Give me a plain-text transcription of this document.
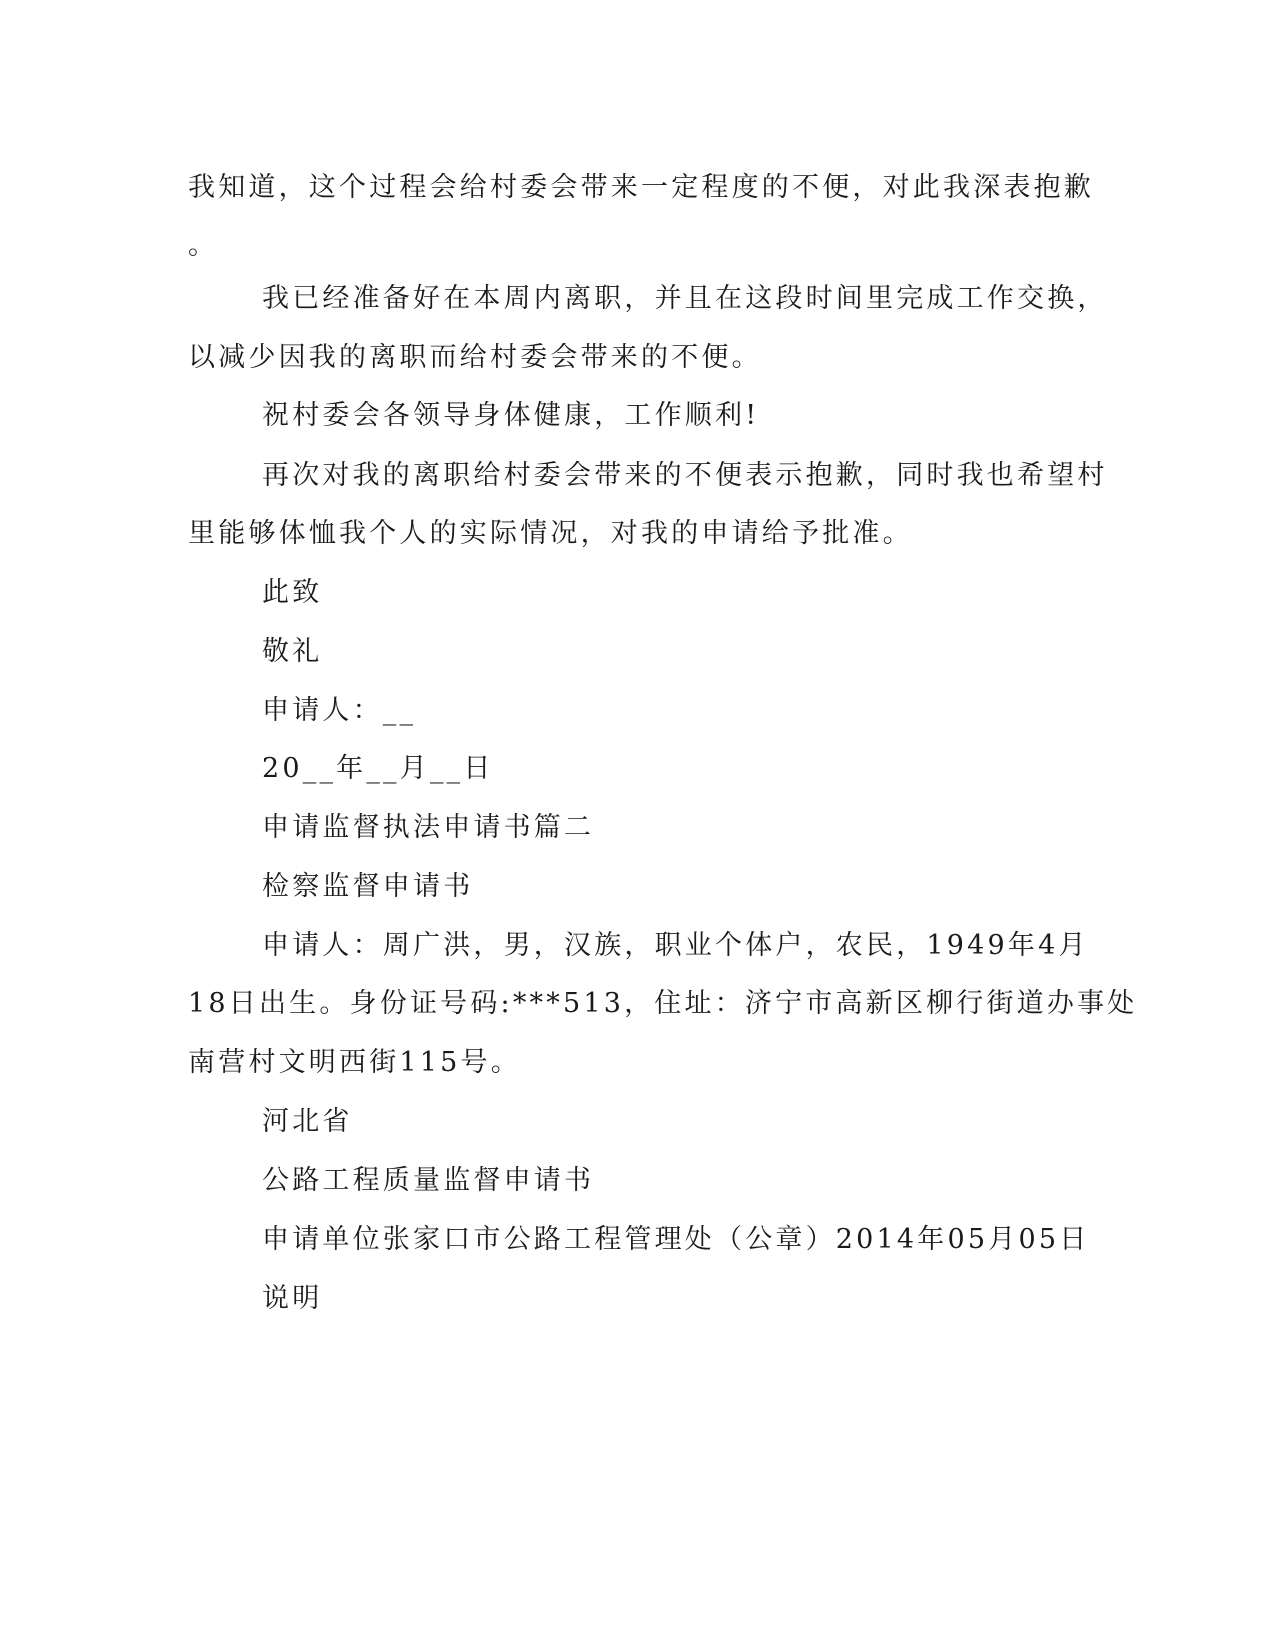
我知道，这个过程会给村委会带来一定程度的不便，对此我深表抱歉
。
我已经准备好在本周内离职，并且在这段时间里完成工作交换，
以减少因我的离职而给村委会带来的不便。
祝村委会各领导身体健康，工作顺利!
再次对我的离职给村委会带来的不便表示抱歉，同时我也希望村
里能够体恤我个人的实际情况，对我的申请给予批准。
此致
敬礼
申请人：__
20__年__月__日
申请监督执法申请书篇二
检察监督申请书
申请人：周广洪，男，汉族，职业个体户，农民，1949年4月
18日出生。身份证号码:***513，住址：济宁市高新区柳行街道办事处
南营村文明西街115号。
河北省
公路工程质量监督申请书
申请单位张家口市公路工程管理处（公章）2014年05月05日
说明
